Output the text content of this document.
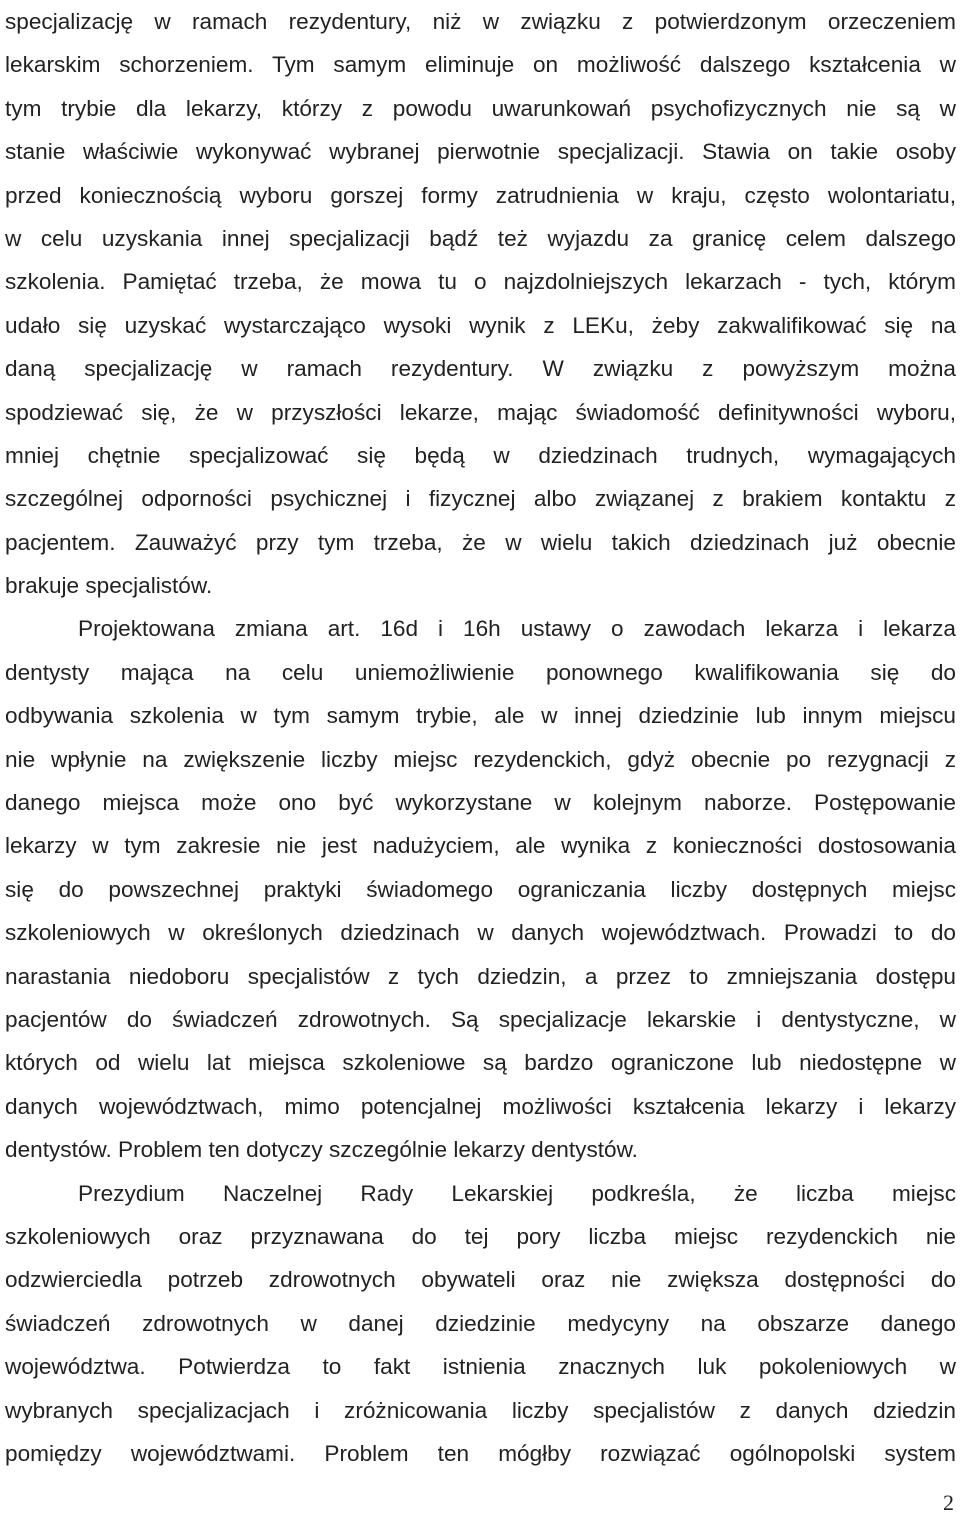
specjalizację w ramach rezydentury, niż w związku z potwierdzonym orzeczeniem
lekarskim schorzeniem. Tym samym eliminuje on możliwość dalszego kształcenia w
tym trybie dla lekarzy, którzy z powodu uwarunkowań psychofizycznych nie są w
stanie właściwie wykonywać wybranej pierwotnie specjalizacji. Stawia on takie osoby
przed koniecznością wyboru gorszej formy zatrudnienia w kraju, często wolontariatu,
w celu uzyskania innej specjalizacji bądź też wyjazdu za granicę celem dalszego
szkolenia. Pamiętać trzeba, że mowa tu o najzdolniejszych lekarzach - tych, którym
udało się uzyskać wystarczająco wysoki wynik z LEKu, żeby zakwalifikować się na
daną specjalizację w ramach rezydentury. W związku z powyższym można
spodziewać się, że w przyszłości lekarze, mając świadomość definitywności wyboru,
mniej chętnie specjalizować się będą w dziedzinach trudnych, wymagających
szczególnej odporności psychicznej i fizycznej albo związanej z brakiem kontaktu z
pacjentem. Zauważyć przy tym trzeba, że w wielu takich dziedzinach już obecnie
brakuje specjalistów.
Projektowana zmiana art. 16d i 16h ustawy o zawodach lekarza i lekarza
dentysty mająca na celu uniemożliwienie ponownego kwalifikowania się do
odbywania szkolenia w tym samym trybie, ale w innej dziedzinie lub innym miejscu
nie wpłynie na zwiększenie liczby miejsc rezydenckich, gdyż obecnie po rezygnacji z
danego miejsca może ono być wykorzystane w kolejnym naborze. Postępowanie
lekarzy w tym zakresie nie jest nadużyciem, ale wynika z konieczności dostosowania
się do powszechnej praktyki świadomego ograniczania liczby dostępnych miejsc
szkoleniowych w określonych dziedzinach w danych województwach. Prowadzi to do
narastania niedoboru specjalistów z tych dziedzin, a przez to zmniejszania dostępu
pacjentów do świadczeń zdrowotnych. Są specjalizacje lekarskie i dentystyczne, w
których od wielu lat miejsca szkoleniowe są bardzo ograniczone lub niedostępne w
danych województwach, mimo potencjalnej możliwości kształcenia lekarzy i lekarzy
dentystów. Problem ten dotyczy szczególnie lekarzy dentystów.
Prezydium Naczelnej Rady Lekarskiej podkreśla, że liczba miejsc
szkoleniowych oraz przyznawana do tej pory liczba miejsc rezydenckich nie
odzwierciedla potrzeb zdrowotnych obywateli oraz nie zwiększa dostępności do
świadczeń zdrowotnych w danej dziedzinie medycyny na obszarze danego
województwa. Potwierdza to fakt istnienia znacznych luk pokoleniowych w
wybranych specjalizacjach i zróżnicowania liczby specjalistów z danych dziedzin
pomiędzy województwami. Problem ten mógłby rozwiązać ogólnopolski system
2
